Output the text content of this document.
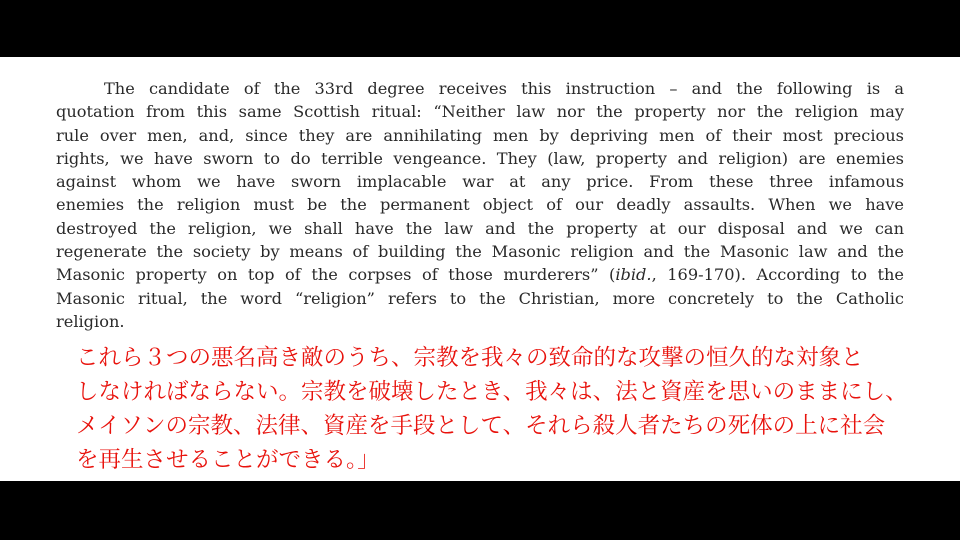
The candidate of the 33rd degree receives this instruction – and the following is a
quotation from this same Scottish ritual: “Neither law nor the property nor the religion may
rule over men, and, since they are annihilating men by depriving men of their most precious
rights, we have sworn to do terrible vengeance. They (law, property and religion) are enemies
against whom we have sworn implacable war at any price. From these three infamous
enemies the religion must be the permanent object of our deadly assaults. When we have
destroyed the religion, we shall have the law and the property at our disposal and we can
regenerate the society by means of building the Masonic religion and the Masonic law and the
Masonic property on top of the corpses of those murderers” (ibid., 169-170). According to the
Masonic ritual, the word “religion” refers to the Christian, more concretely to the Catholic
religion.
これら３つの悪名高き敵のうち、宗教を我々の致命的な攻撃の恒久的な対象と
しなければならない。宗教を破壊したとき、我々は、法と資産を思いのままにし、
メイソンの宗教、法律、資産を手段として、それら殺人者たちの死体の上に社会
を再生させることができる。」
